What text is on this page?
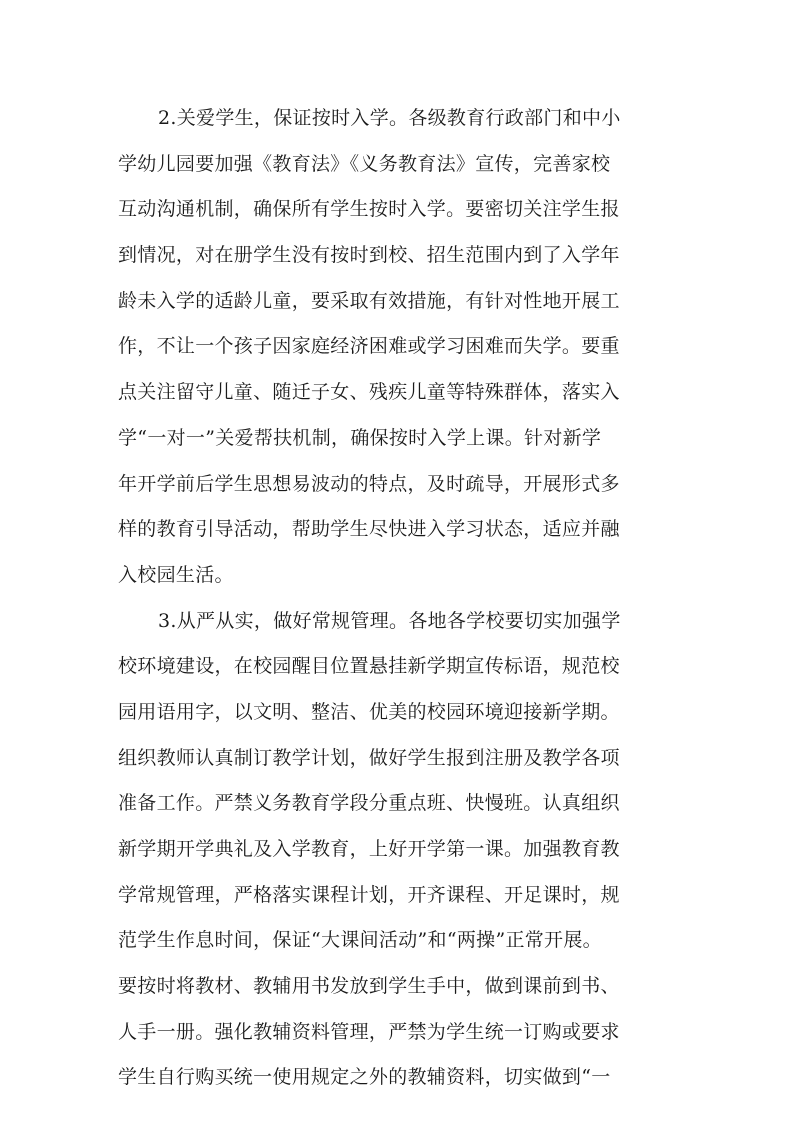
2.关爱学生，保证按时入学。各级教育行政部门和中小
学幼儿园要加强《教育法》《义务教育法》宣传，完善家校
互动沟通机制，确保所有学生按时入学。要密切关注学生报
到情况，对在册学生没有按时到校、招生范围内到了入学年
龄未入学的适龄儿童，要采取有效措施，有针对性地开展工
作，不让一个孩子因家庭经济困难或学习困难而失学。要重
点关注留守儿童、随迁子女、残疾儿童等特殊群体，落实入
学“一对一”关爱帮扶机制，确保按时入学上课。针对新学
年开学前后学生思想易波动的特点，及时疏导，开展形式多
样的教育引导活动，帮助学生尽快进入学习状态，适应并融
入校园生活。
3.从严从实，做好常规管理。各地各学校要切实加强学
校环境建设，在校园醒目位置悬挂新学期宣传标语，规范校
园用语用字，以文明、整洁、优美的校园环境迎接新学期。
组织教师认真制订教学计划，做好学生报到注册及教学各项
准备工作。严禁义务教育学段分重点班、快慢班。认真组织
新学期开学典礼及入学教育，上好开学第一课。加强教育教
学常规管理，严格落实课程计划，开齐课程、开足课时，规
范学生作息时间，保证“大课间活动”和“两操”正常开展。
要按时将教材、教辅用书发放到学生手中，做到课前到书、
人手一册。强化教辅资料管理，严禁为学生统一订购或要求
学生自行购买统一使用规定之外的教辅资料，切实做到“一
